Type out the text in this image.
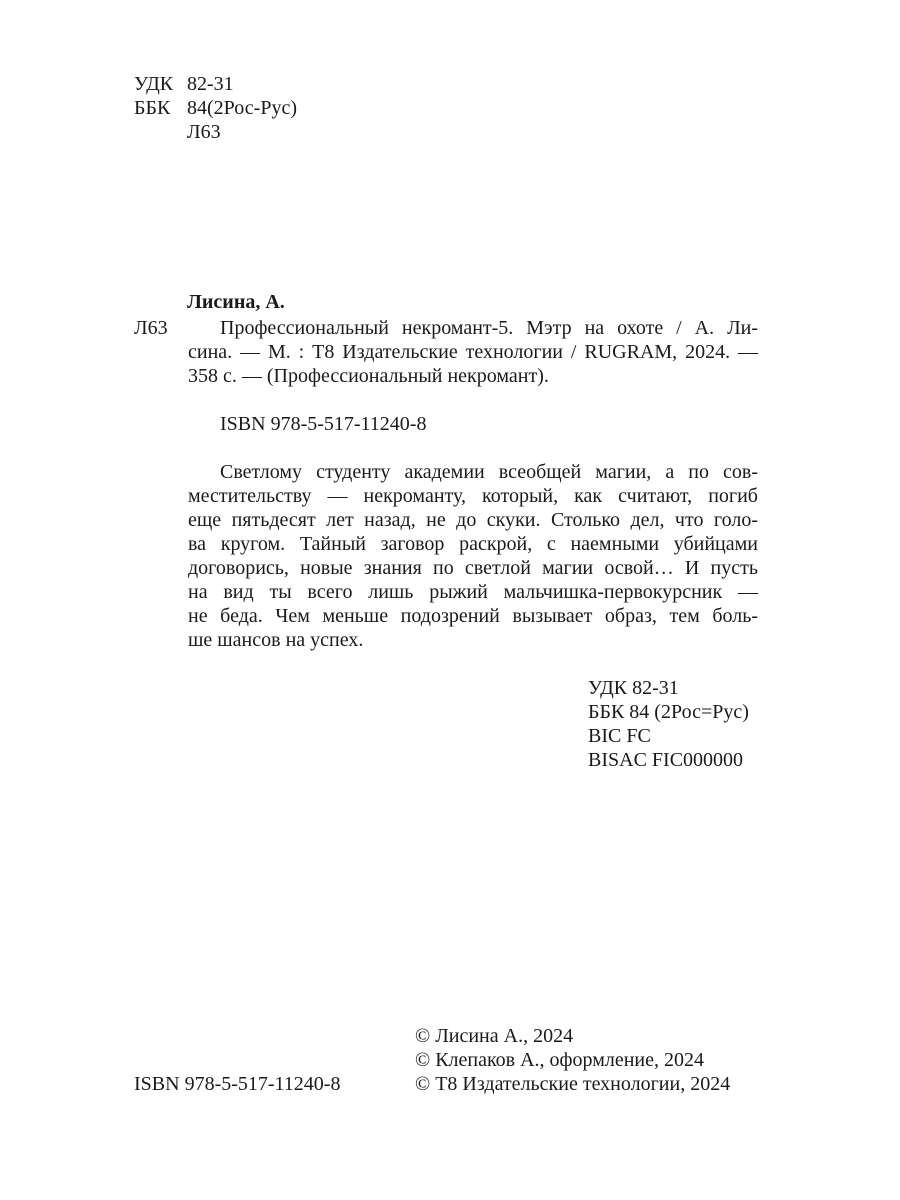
УДК 82-31
ББК 84(2Рос-Рус)
Л63
Лисина, А.
Л63	Профессиональный некромант-5. Мэтр на охоте / А. Ли-
сина. — М. : Т8 Издательские технологии / RUGRAM, 2024. —
358 с. — (Профессиональный некромант).
ISBN 978-5-517-11240-8
Светлому студенту академии всеобщей магии, а по сов-
местительству — некроманту, который, как считают, погиб
еще пятьдесят лет назад, не до скуки. Столько дел, что голо-
ва кругом. Тайный заговор раскрой, с наемными убийцами
договорись, новые знания по светлой магии освой… И пусть
на вид ты всего лишь рыжий мальчишка-первокурсник —
не беда. Чем меньше подозрений вызывает образ, тем боль-
ше шансов на успех.
УДК 82-31
ББК 84 (2Рос=Рус)
BIC FC
BISAC FIC000000
© Лисина А., 2024
© Клепаков А., оформление, 2024
ISBN 978-5-517-11240-8	© Т8 Издательские технологии, 2024
